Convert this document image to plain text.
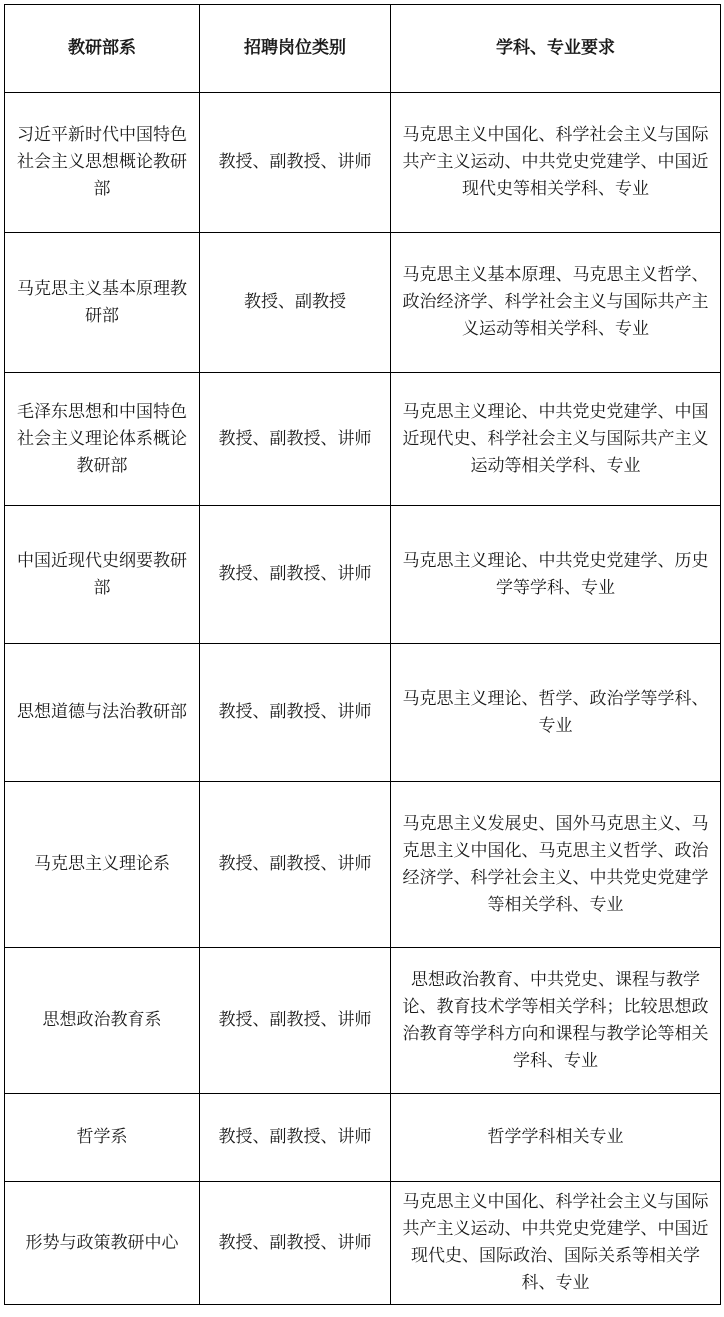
教研部系	招聘岗位类别	学科、专业要求
习近平新时代中国特色社会主义思想概论教研部	教授、副教授、讲师	马克思主义中国化、科学社会主义与国际共产主义运动、中共党史党建学、中国近现代史等相关学科、专业
马克思主义基本原理教研部	教授、副教授	马克思主义基本原理、马克思主义哲学、政治经济学、科学社会主义与国际共产主义运动等相关学科、专业
毛泽东思想和中国特色社会主义理论体系概论教研部	教授、副教授、讲师	马克思主义理论、中共党史党建学、中国近现代史、科学社会主义与国际共产主义运动等相关学科、专业
中国近现代史纲要教研部	教授、副教授、讲师	马克思主义理论、中共党史党建学、历史学等学科、专业
思想道德与法治教研部	教授、副教授、讲师	马克思主义理论、哲学、政治学等学科、专业
马克思主义理论系	教授、副教授、讲师	马克思主义发展史、国外马克思主义、马克思主义中国化、马克思主义哲学、政治经济学、科学社会主义、中共党史党建学等相关学科、专业
思想政治教育系	教授、副教授、讲师	思想政治教育、中共党史、课程与教学论、教育技术学等相关学科；比较思想政治教育等学科方向和课程与教学论等相关学科、专业
哲学系	教授、副教授、讲师	哲学学科相关专业
形势与政策教研中心	教授、副教授、讲师	马克思主义中国化、科学社会主义与国际共产主义运动、中共党史党建学、中国近现代史、国际政治、国际关系等相关学科、专业
